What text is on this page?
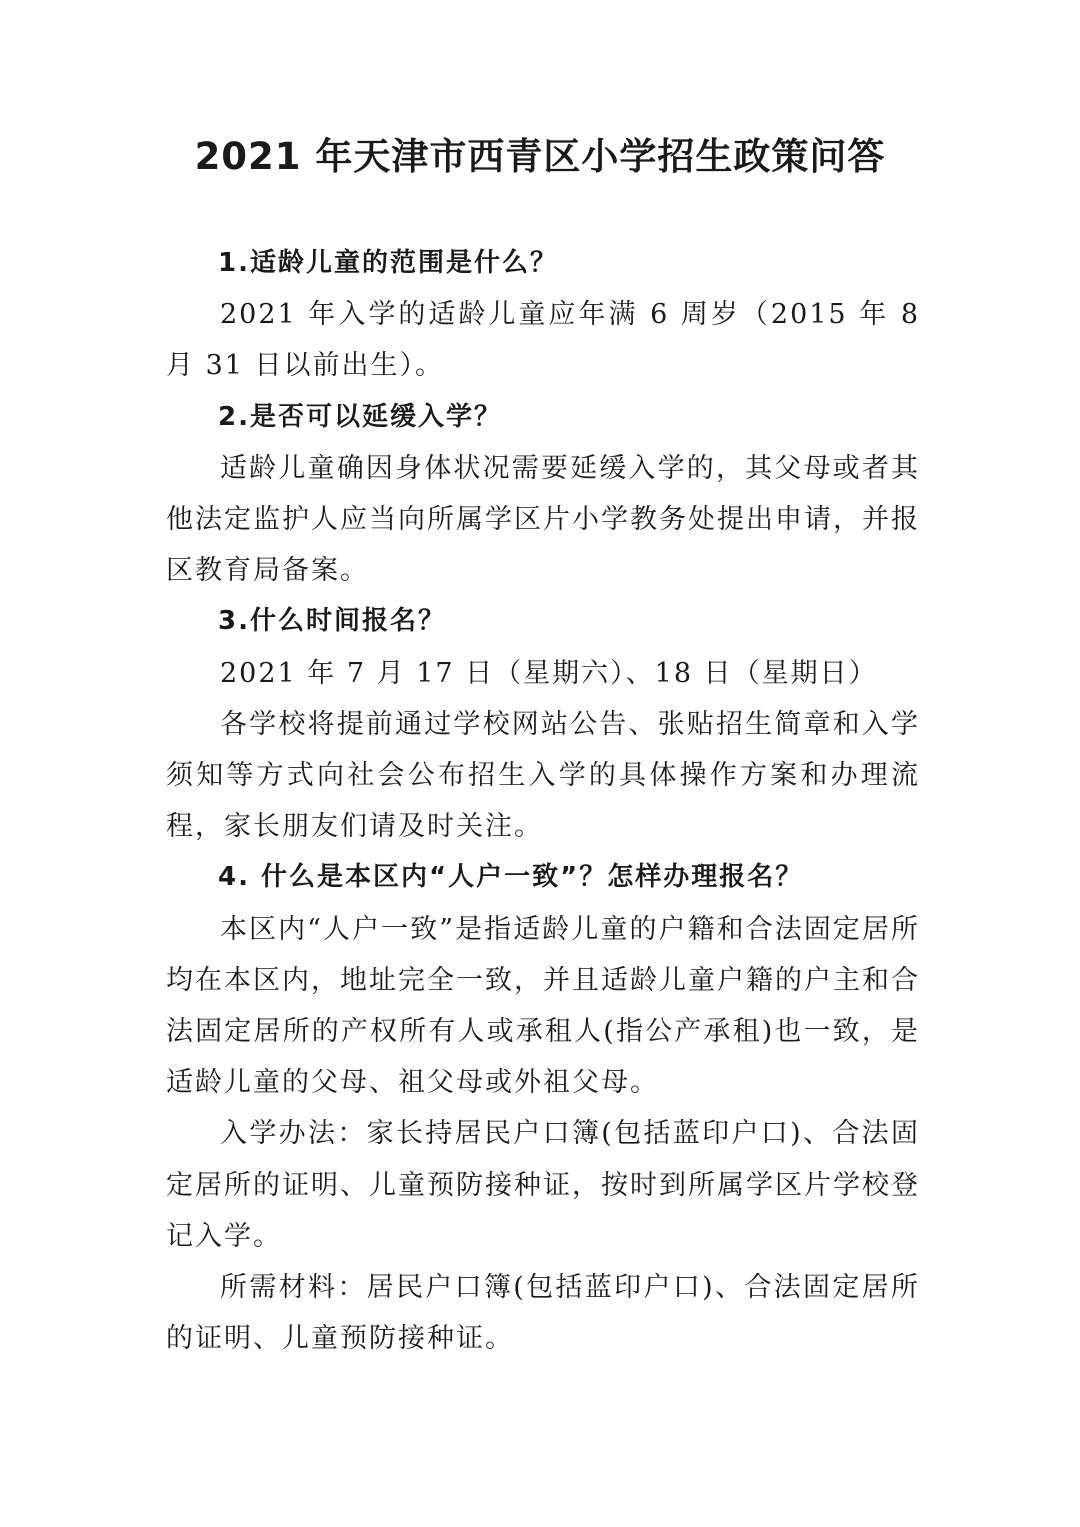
2021 年天津市西青区小学招生政策问答

1.适龄儿童的范围是什么？

2021 年入学的适龄儿童应年满 6 周岁（2015 年 8 月 31 日以前出生）。

2.是否可以延缓入学？

适龄儿童确因身体状况需要延缓入学的，其父母或者其他法定监护人应当向所属学区片小学教务处提出申请，并报区教育局备案。

3.什么时间报名？

2021 年 7 月 17 日（星期六）、18 日（星期日）

各学校将提前通过学校网站公告、张贴招生简章和入学须知等方式向社会公布招生入学的具体操作方案和办理流程，家长朋友们请及时关注。

4. 什么是本区内“人户一致”？怎样办理报名？

本区内“人户一致”是指适龄儿童的户籍和合法固定居所均在本区内，地址完全一致，并且适龄儿童户籍的户主和合法固定居所的产权所有人或承租人(指公产承租)也一致，是适龄儿童的父母、祖父母或外祖父母。

入学办法：家长持居民户口簿(包括蓝印户口)、合法固定居所的证明、儿童预防接种证，按时到所属学区片学校登记入学。

所需材料：居民户口簿(包括蓝印户口)、合法固定居所的证明、儿童预防接种证。
